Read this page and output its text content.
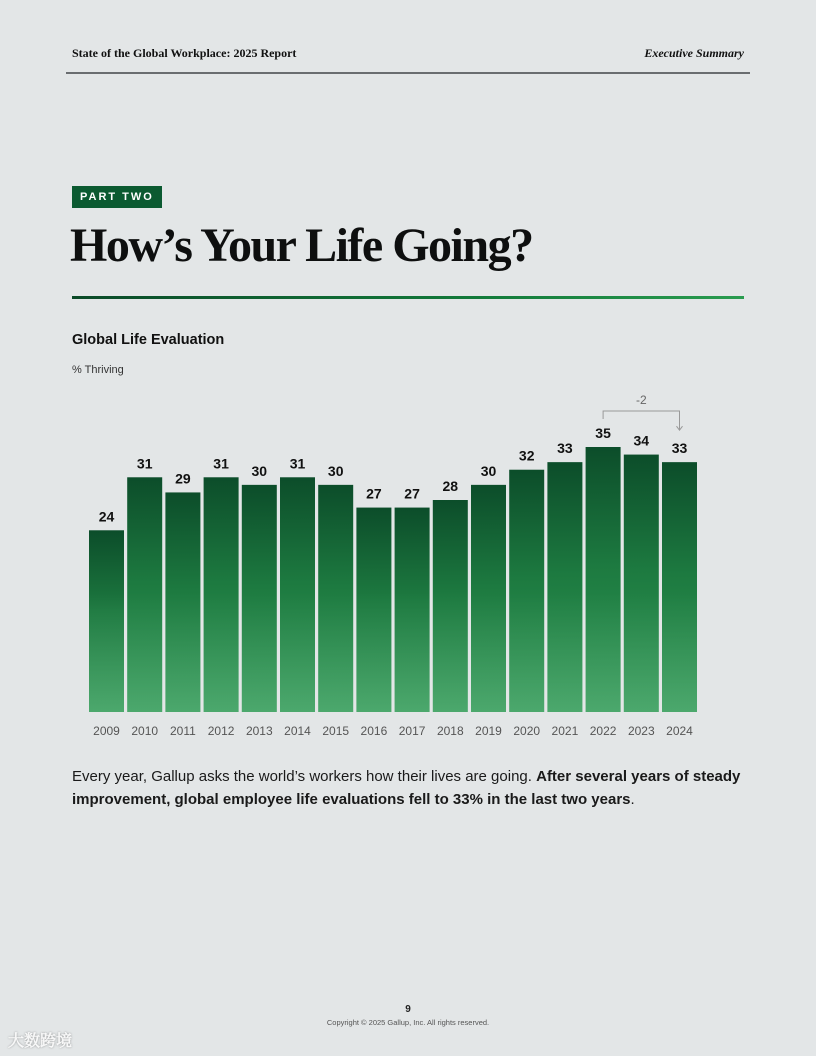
State of the Global Workplace: 2025 Report	Executive Summary
PART TWO
How’s Your Life Going?
Global Life Evaluation
% Thriving
24
31
29
31 30 31 30
27 27 28
30
32 33
35 34 33
2009 2010 2011 2012 2013 2014 2015 2016 2017 2018 2019 2020 2021 2022 2023 2024
-2

Every year, Gallup asks the world’s workers how their lives are going. After several years of steady improvement, global employee life evaluations fell to 33% in the last two years.

9
Copyright © 2025 Gallup, Inc. All rights reserved.
大数跨境
